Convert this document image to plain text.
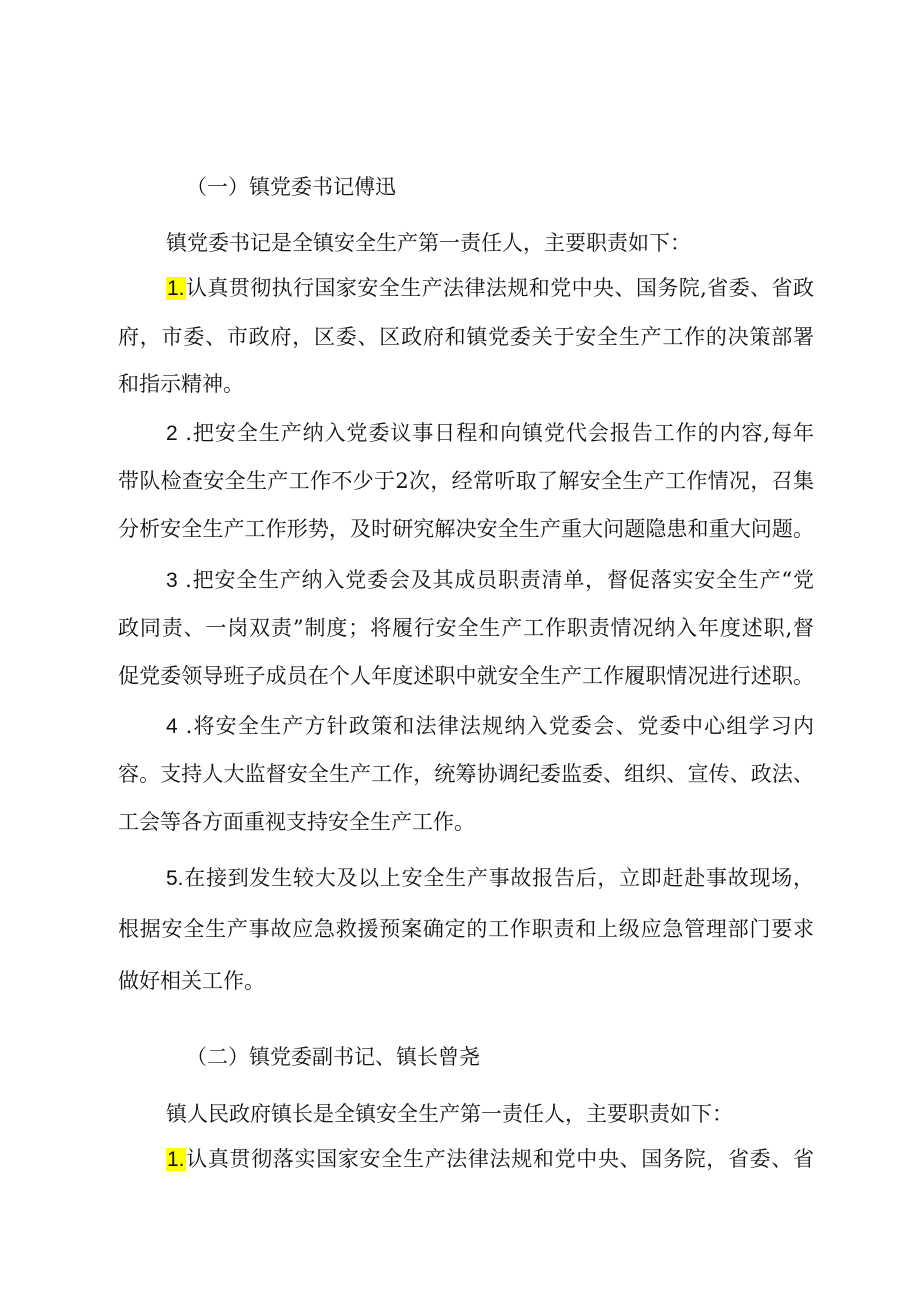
（一）镇党委书记傅迅
镇党委书记是全镇安全生产第一责任人，主要职责如下：
1.认真贯彻执行国家安全生产法律法规和党中央、国务院,省委、省政
府，市委、市政府，区委、区政府和镇党委关于安全生产工作的决策部署
和指示精神。
2 .把安全生产纳入党委议事日程和向镇党代会报告工作的内容,每年
带队检查安全生产工作不少于2次，经常听取了解安全生产工作情况，召集
分析安全生产工作形势，及时研究解决安全生产重大问题隐患和重大问题。
3 .把安全生产纳入党委会及其成员职责清单，督促落实安全生产“党
政同责、一岗双责”制度；将履行安全生产工作职责情况纳入年度述职,督
促党委领导班子成员在个人年度述职中就安全生产工作履职情况进行述职。
4 .将安全生产方针政策和法律法规纳入党委会、党委中心组学习内
容。支持人大监督安全生产工作，统筹协调纪委监委、组织、宣传、政法、
工会等各方面重视支持安全生产工作。
5.在接到发生较大及以上安全生产事故报告后，立即赶赴事故现场，
根据安全生产事故应急救援预案确定的工作职责和上级应急管理部门要求
做好相关工作。
（二）镇党委副书记、镇长曾尧
镇人民政府镇长是全镇安全生产第一责任人，主要职责如下：
1.认真贯彻落实国家安全生产法律法规和党中央、国务院，省委、省
